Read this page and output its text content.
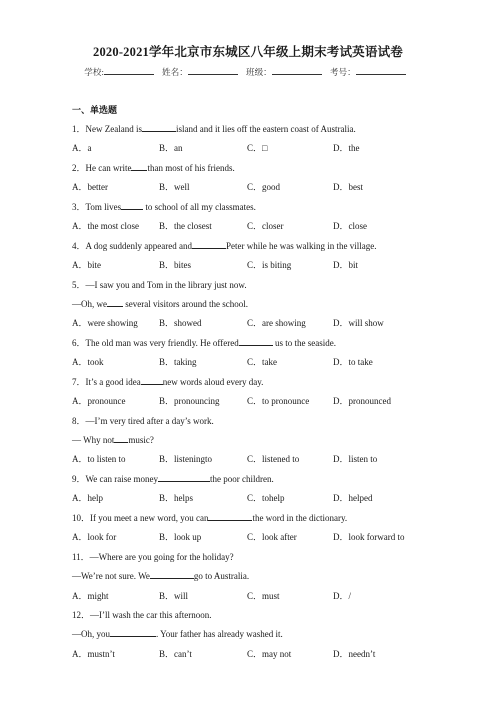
2020-2021学年北京市东城区八年级上期末考试英语试卷
学校:	姓名：	班级：	考号：
一、单选题
1．New Zealand is	island and it lies off the eastern coast of Australia.
A．a	B．an	C．□	D．the
2．He can write than most of his friends.
A．better	B．well	C．good	D．best
3．Tom lives to school of all my classmates.
A．the most close B．the closest	C．closer	D．close
4．A dog suddenly appeared and	Peter while he was walking in the village.
A．bite	B．bites	C．is biting	D．bit
5．—I saw you and Tom in the library just now.
—Oh, we several visitors around the school.
A．were showing B．showed	C．are showing	D．will show
6．The old man was very friendly. He offered	us to the seaside.
A．took	B．taking	C．take	D．to take
7．It’s a good idea new words aloud every day.
A．pronounce	B．pronouncing	C．to pronounce	D．pronounced
8．—I’m very tired after a day’s work.
— Why not music?
A．to listen to	B．listeningto	C．listened to	D．listen to
9．We can raise money	the poor children.
A．help	B．helps	C．tohelp	D．helped
10．If you meet a new word, you can	the word in the dictionary.
A．look for	B．look up	C．look after	D．look forward to
11．—Where are you going for the holiday?
—We’re not sure. We	go to Australia.
A．might	B．will	C．must	D．/
12．—I’ll wash the car this afternoon.
—Oh, you	. Your father has already washed it.
A．mustn’t	B．can’t	C．may not	D．needn’t
